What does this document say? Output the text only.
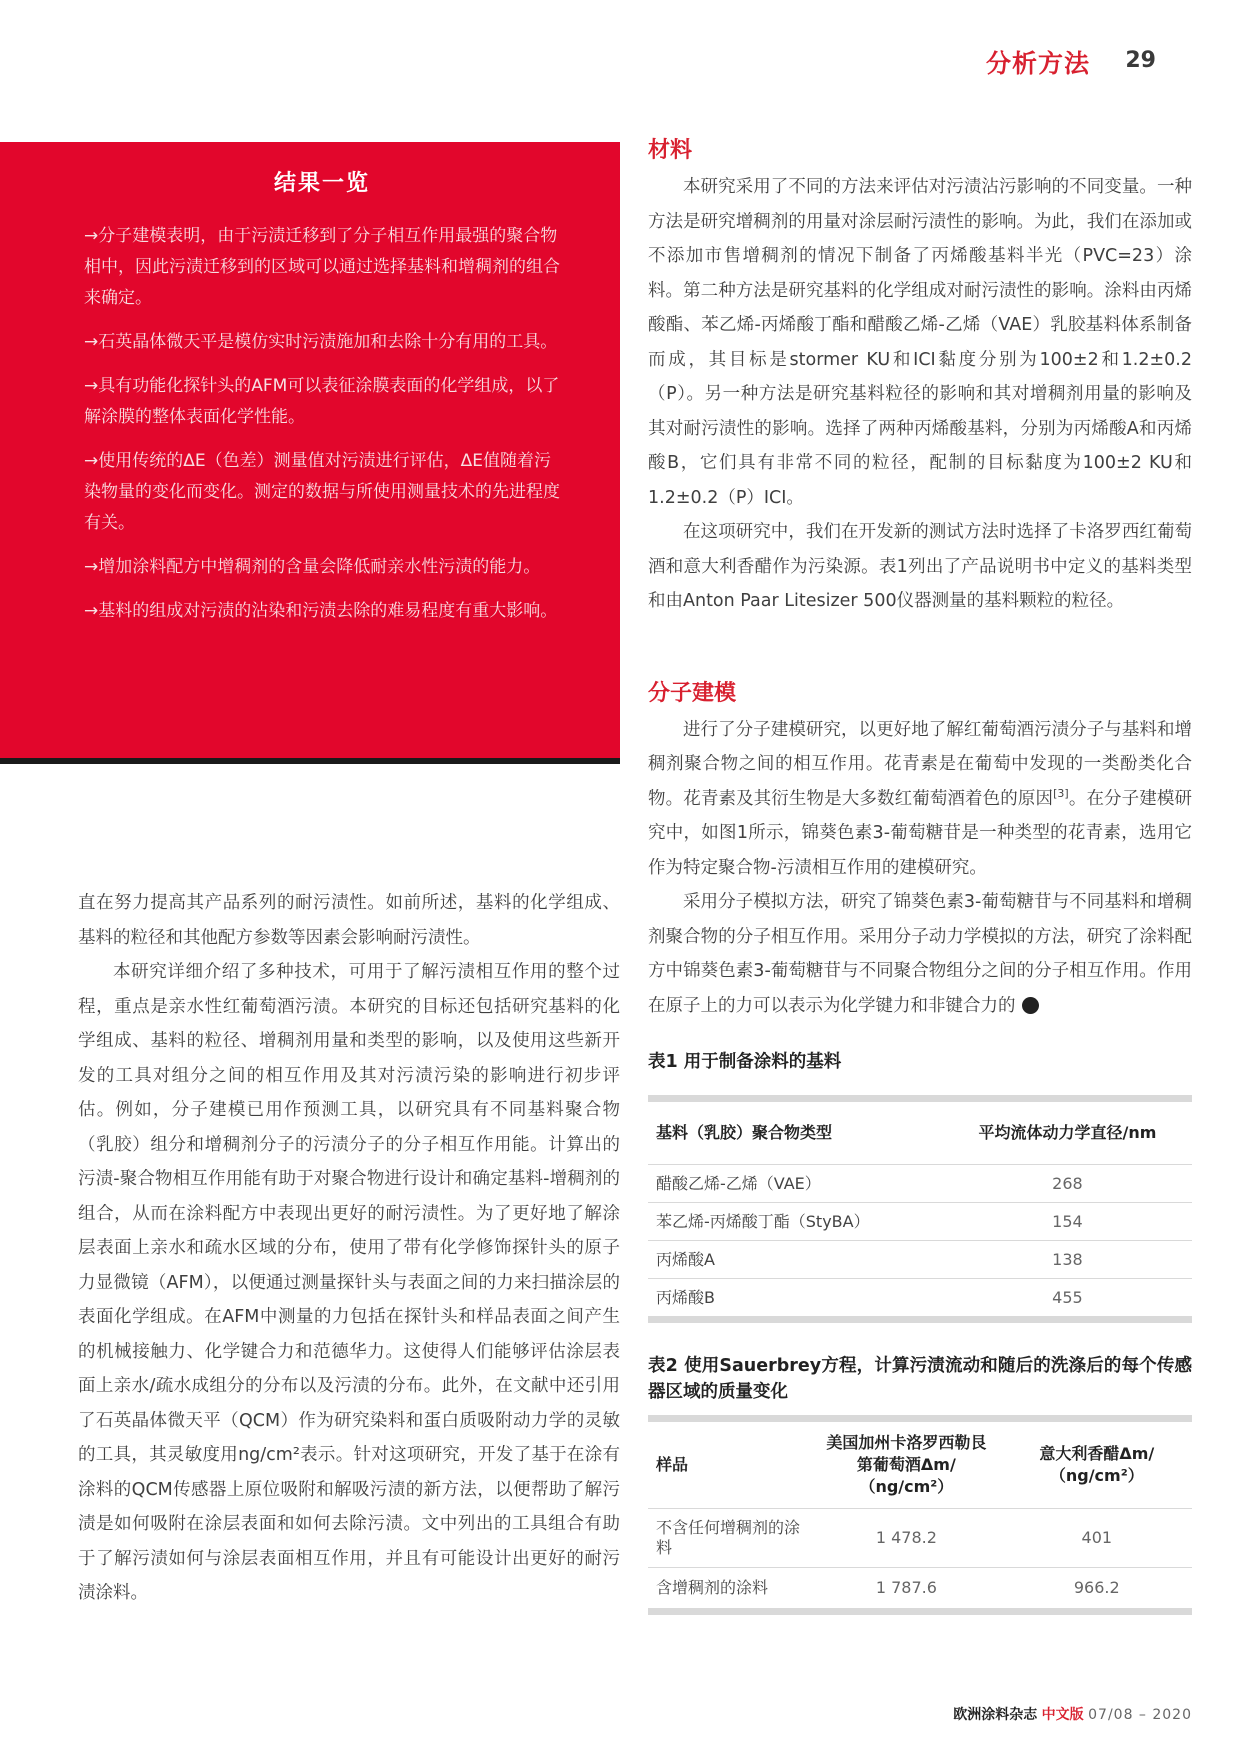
分析方法 29
结果一览

→分子建模表明，由于污渍迁移到了分子相互作用最强的聚合物相中，因此污渍迁移到的区域可以通过选择基料和增稠剂的组合来确定。

→石英晶体微天平是模仿实时污渍施加和去除十分有用的工具。

→具有功能化探针头的AFM可以表征涂膜表面的化学组成，以了解涂膜的整体表面化学性能。

→使用传统的ΔE（色差）测量值对污渍进行评估，ΔE值随着污染物量的变化而变化。测定的数据与所使用测量技术的先进程度有关。

→增加涂料配方中增稠剂的含量会降低耐亲水性污渍的能力。

→基料的组成对污渍的沾染和污渍去除的难易程度有重大影响。

直在努力提高其产品系列的耐污渍性。如前所述，基料的化学组成、基料的粒径和其他配方参数等因素会影响耐污渍性。

本研究详细介绍了多种技术，可用于了解污渍相互作用的整个过程，重点是亲水性红葡萄酒污渍。本研究的目标还包括研究基料的化学组成、基料的粒径、增稠剂用量和类型的影响，以及使用这些新开发的工具对组分之间的相互作用及其对污渍污染的影响进行初步评估。例如，分子建模已用作预测工具，以研究具有不同基料聚合物（乳胶）组分和增稠剂分子的污渍分子的分子相互作用能。计算出的污渍-聚合物相互作用能有助于对聚合物进行设计和确定基料-增稠剂的组合，从而在涂料配方中表现出更好的耐污渍性。为了更好地了解涂层表面上亲水和疏水区域的分布，使用了带有化学修饰探针头的原子力显微镜（AFM），以便通过测量探针头与表面之间的力来扫描涂层的表面化学组成。在AFM中测量的力包括在探针头和样品表面之间产生的机械接触力、化学键合力和范德华力。这使得人们能够评估涂层表面上亲水/疏水成组分的分布以及污渍的分布。此外，在文献中还引用了石英晶体微天平（QCM）作为研究染料和蛋白质吸附动力学的灵敏的工具，其灵敏度用ng/cm²表示。针对这项研究，开发了基于在涂有涂料的QCM传感器上原位吸附和解吸污渍的新方法，以便帮助了解污渍是如何吸附在涂层表面和如何去除污渍。文中列出的工具组合有助于了解污渍如何与涂层表面相互作用，并且有可能设计出更好的耐污渍涂料。

材料

本研究采用了不同的方法来评估对污渍沾污影响的不同变量。一种方法是研究增稠剂的用量对涂层耐污渍性的影响。为此，我们在添加或不添加市售增稠剂的情况下制备了丙烯酸基料半光（PVC=23）涂料。第二种方法是研究基料的化学组成对耐污渍性的影响。涂料由丙烯酸酯、苯乙烯-丙烯酸丁酯和醋酸乙烯-乙烯（VAE）乳胶基料体系制备而成，其目标是stormer KU和ICI黏度分别为100±2和1.2±0.2（P）。另一种方法是研究基料粒径的影响和其对增稠剂用量的影响及其对耐污渍性的影响。选择了两种丙烯酸基料，分别为丙烯酸A和丙烯酸B，它们具有非常不同的粒径，配制的目标黏度为100±2 KU和1.2±0.2（P）ICI。

在这项研究中，我们在开发新的测试方法时选择了卡洛罗西红葡萄酒和意大利香醋作为污染源。表1列出了产品说明书中定义的基料类型和由Anton Paar Litesizer 500仪器测量的基料颗粒的粒径。

分子建模

进行了分子建模研究，以更好地了解红葡萄酒污渍分子与基料和增稠剂聚合物之间的相互作用。花青素是在葡萄中发现的一类酚类化合物。花青素及其衍生物是大多数红葡萄酒着色的原因[3]。在分子建模研究中，如图1所示，锦葵色素3-葡萄糖苷是一种类型的花青素，选用它作为特定聚合物-污渍相互作用的建模研究。

采用分子模拟方法，研究了锦葵色素3-葡萄糖苷与不同基料和增稠剂聚合物的分子相互作用。采用分子动力学模拟的方法，研究了涂料配方中锦葵色素3-葡萄糖苷与不同聚合物组分之间的分子相互作用。作用在原子上的力可以表示为化学键力和非键合力的	›

表1 用于制备涂料的基料

基料（乳胶）聚合物类型	平均流体动力学直径/nm
醋酸乙烯-乙烯（VAE）	268
苯乙烯-丙烯酸丁酯（StyBA）	154
丙烯酸A	138
丙烯酸B	455

表2 使用Sauerbrey方程，计算污渍流动和随后的洗涤后的每个传感器区域的质量变化

样品	美国加州卡洛罗西勒艮第葡萄酒Δm/（ng/cm²）	意大利香醋Δm/（ng/cm²）
不含任何增稠剂的涂料	1 478.2	401
含增稠剂的涂料	1 787.6	966.2
欧洲涂料杂志 中文版 07/08 – 2020
